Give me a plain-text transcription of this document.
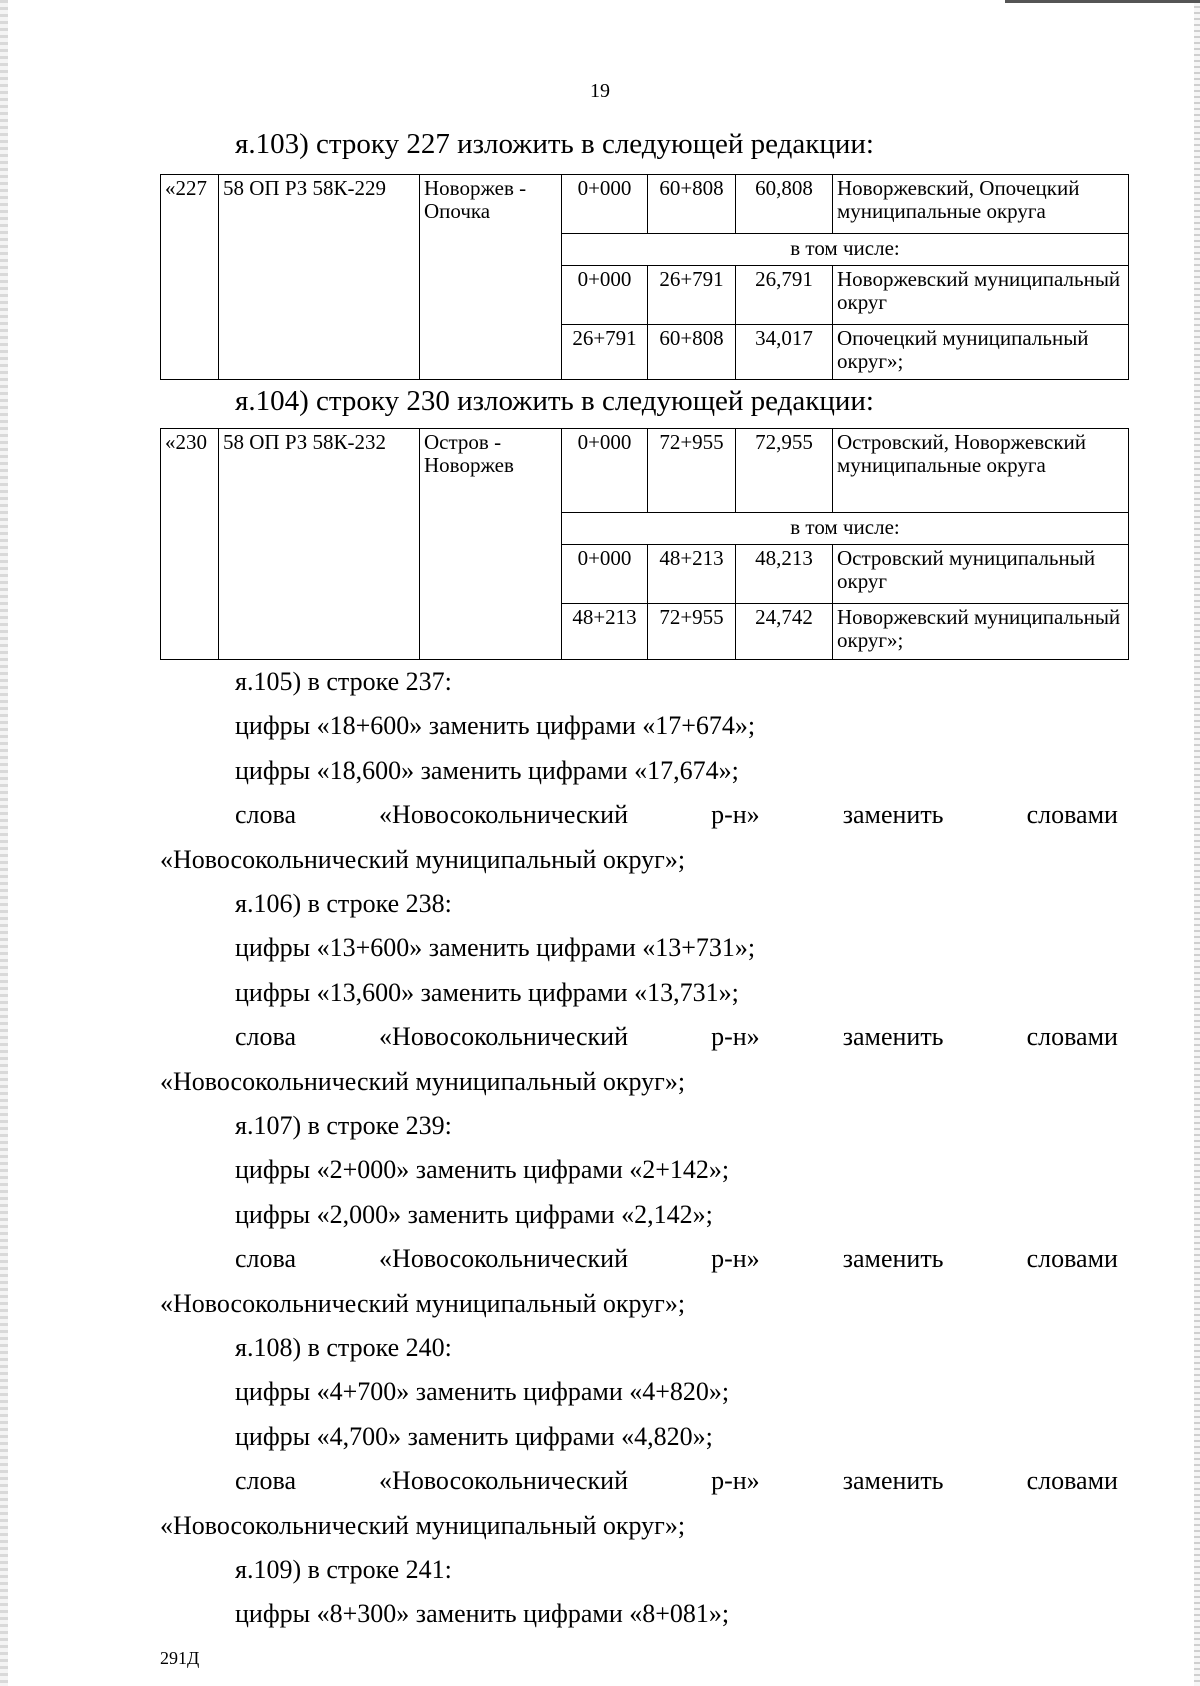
19
я.103) строку 227 изложить в следующей редакции:
«227	58 ОП РЗ 58К-229	Новоржев - Опочка	0+000	60+808	60,808	Новоржевский, Опочецкий муниципальные округа
			в том числе:			
			0+000	26+791	26,791	Новоржевский муниципальный округ
			26+791	60+808	34,017	Опочецкий муниципальный округ»;
я.104) строку 230 изложить в следующей редакции:
«230	58 ОП РЗ 58К-232	Остров - Новоржев	0+000	72+955	72,955	Островский, Новоржевский муниципальные округа
			в том числе:			
			0+000	48+213	48,213	Островский муниципальный округ
			48+213	72+955	24,742	Новоржевский муниципальный округ»;
я.105) в строке 237:
цифры «18+600» заменить цифрами «17+674»;
цифры «18,600» заменить цифрами «17,674»;
слова	«Новосокольнический	р-н»	заменить	словами
«Новосокольнический муниципальный округ»;
я.106) в строке 238:
цифры «13+600» заменить цифрами «13+731»;
цифры «13,600» заменить цифрами «13,731»;
слова	«Новосокольнический	р-н»	заменить	словами
«Новосокольнический муниципальный округ»;
я.107) в строке 239:
цифры «2+000» заменить цифрами «2+142»;
цифры «2,000» заменить цифрами «2,142»;
слова	«Новосокольнический	р-н»	заменить	словами
«Новосокольнический муниципальный округ»;
я.108) в строке 240:
цифры «4+700» заменить цифрами «4+820»;
цифры «4,700» заменить цифрами «4,820»;
слова	«Новосокольнический	р-н»	заменить	словами
«Новосокольнический муниципальный округ»;
я.109) в строке 241:
цифры «8+300» заменить цифрами «8+081»;
291Д
